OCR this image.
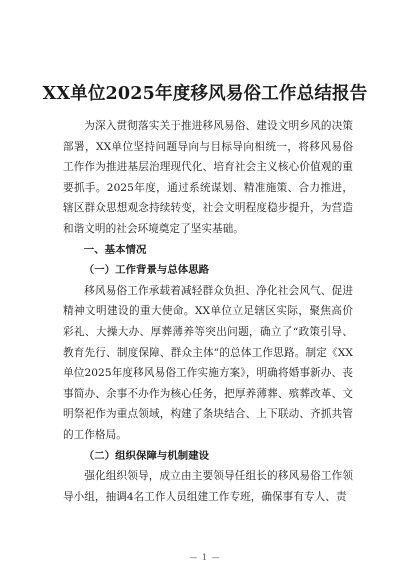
XX单位2025年度移风易俗工作总结报告

为深入贯彻落实关于推进移风易俗、建设文明乡风的决策部署，XX单位坚持问题导向与目标导向相统一，将移风易俗工作作为推进基层治理现代化、培育社会主义核心价值观的重要抓手。2025年度，通过系统谋划、精准施策、合力推进，辖区群众思想观念持续转变，社会文明程度稳步提升，为营造和谐文明的社会环境奠定了坚实基础。

一、基本情况

（一）工作背景与总体思路

移风易俗工作承载着减轻群众负担、净化社会风气、促进精神文明建设的重大使命。XX单位立足辖区实际，聚焦高价彩礼、大操大办、厚葬薄养等突出问题，确立了“政策引导、教育先行、制度保障、群众主体”的总体工作思路。制定《XX单位2025年度移风易俗工作实施方案》，明确将婚事新办、丧事简办、余事不办作为核心任务，把厚养薄葬、殡葬改革、文明祭祀作为重点领域，构建了条块结合、上下联动、齐抓共管的工作格局。

（二）组织保障与机制建设

强化组织领导，成立由主要领导任组长的移风易俗工作领导小组，抽调4名工作人员组建工作专班，确保事有专人、责

— 1 —
